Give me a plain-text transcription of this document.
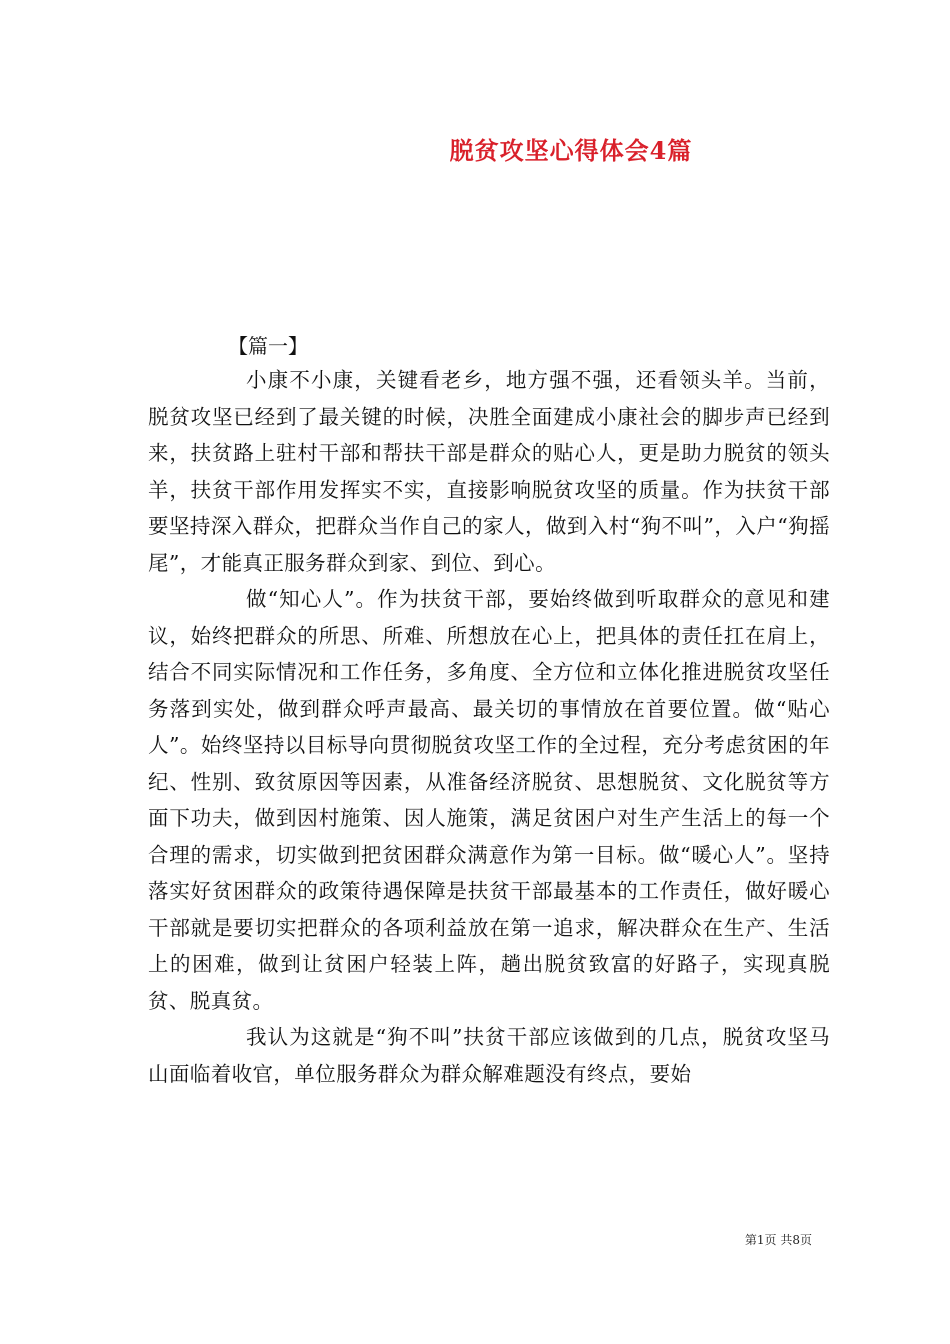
脱贫攻坚心得体会4篇
【篇一】

小康不小康，关键看老乡，地方强不强，还看领头羊。当前，脱贫攻坚已经到了最关键的时候，决胜全面建成小康社会的脚步声已经到来，扶贫路上驻村干部和帮扶干部是群众的贴心人，更是助力脱贫的领头羊，扶贫干部作用发挥实不实，直接影响脱贫攻坚的质量。作为扶贫干部要坚持深入群众，把群众当作自己的家人，做到入村“狗不叫”，入户“狗摇尾”，才能真正服务群众到家、到位、到心。

做“知心人”。作为扶贫干部，要始终做到听取群众的意见和建议，始终把群众的所思、所难、所想放在心上，把具体的责任扛在肩上，结合不同实际情况和工作任务，多角度、全方位和立体化推进脱贫攻坚任务落到实处，做到群众呼声最高、最关切的事情放在首要位置。做“贴心人”。始终坚持以目标导向贯彻脱贫攻坚工作的全过程，充分考虑贫困的年纪、性别、致贫原因等因素，从准备经济脱贫、思想脱贫、文化脱贫等方面下功夫，做到因村施策、因人施策，满足贫困户对生产生活上的每一个合理的需求，切实做到把贫困群众满意作为第一目标。做“暖心人”。坚持落实好贫困群众的政策待遇保障是扶贫干部最基本的工作责任，做好暖心干部就是要切实把群众的各项利益放在第一追求，解决群众在生产、生活上的困难，做到让贫困户轻装上阵，趟出脱贫致富的好路子，实现真脱贫、脱真贫。

我认为这就是“狗不叫”扶贫干部应该做到的几点，脱贫攻坚马山面临着收官，单位服务群众为群众解难题没有终点，要始

第1页 共8页
